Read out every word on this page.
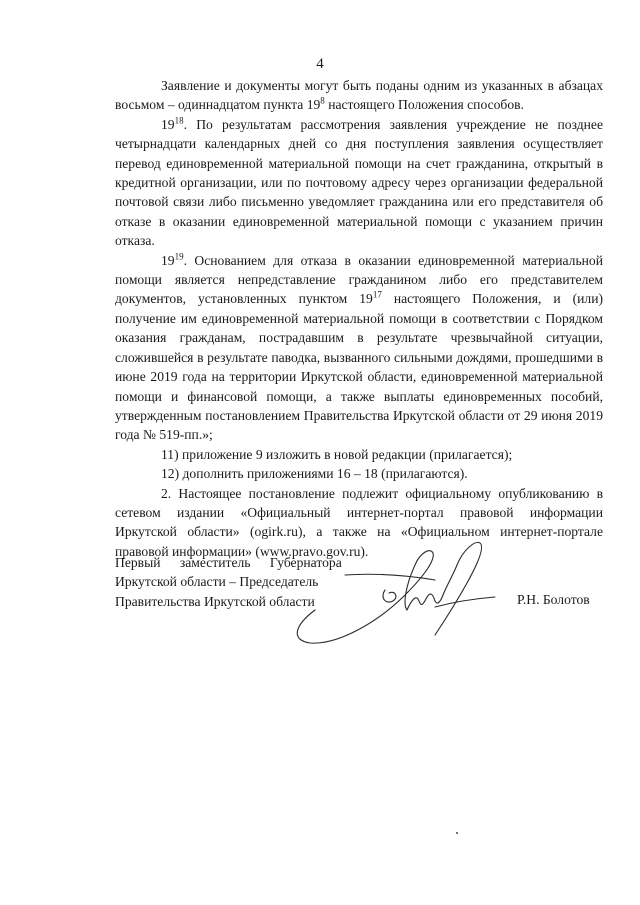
4

Заявление и документы могут быть поданы одним из указанных в абзацах восьмом – одиннадцатом пункта $19^8$ настоящего Положения способов.

$19^{18}$. По результатам рассмотрения заявления учреждение не позднее четырнадцати календарных дней со дня поступления заявления осуществляет перевод единовременной материальной помощи на счет гражданина, открытый в кредитной организации, или по почтовому адресу через организации федеральной почтовой связи либо письменно уведомляет гражданина или его представителя об отказе в оказании единовременной материальной помощи с указанием причин отказа.

$19^{19}$. Основанием для отказа в оказании единовременной материальной помощи является непредставление гражданином либо его представителем документов, установленных пунктом $19^{17}$ настоящего Положения, и (или) получение им единовременной материальной помощи в соответствии с Порядком оказания гражданам, пострадавшим в результате чрезвычайной ситуации, сложившейся в результате паводка, вызванного сильными дождями, прошедшими в июне 2019 года на территории Иркутской области, единовременной материальной помощи и финансовой помощи, а также выплаты единовременных пособий, утвержденным постановлением Правительства Иркутской области от 29 июня 2019 года № 519-пп.»;

11) приложение 9 изложить в новой редакции (прилагается);

12) дополнить приложениями 16 – 18 (прилагаются).

2. Настоящее постановление подлежит официальному опубликованию в сетевом издании «Официальный интернет-портал правовой информации Иркутской области» (ogirk.ru), а также на «Официальном интернет-портале правовой информации» (www.pravo.gov.ru).

Первый заместитель Губернатора
Иркутской области – Председатель
Правительства Иркутской области	Р.Н. Болотов
